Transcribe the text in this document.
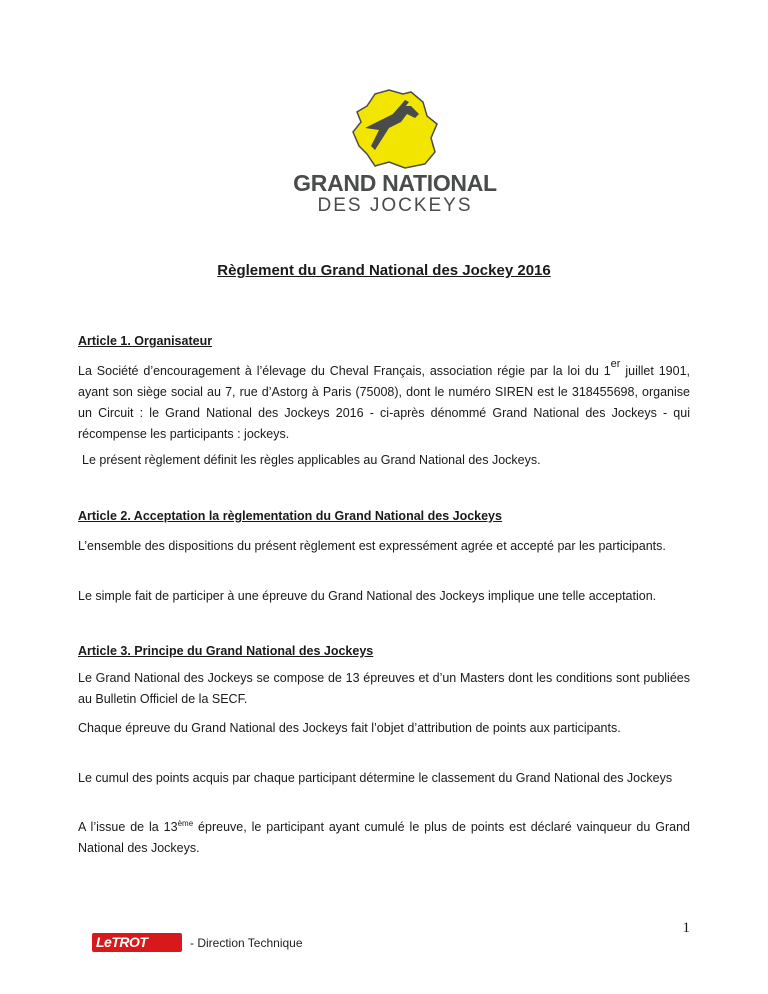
GRAND NATIONAL
DES JOCKEYS
Règlement du Grand National des Jockey 2016
Article 1. Organisateur
La Société d’encouragement à l’élevage du Cheval Français, association régie par la loi du 1er juillet 1901, ayant son siège social au 7, rue d’Astorg à Paris (75008), dont le numéro SIREN est le 318455698, organise un Circuit : le Grand National des Jockeys 2016 - ci-après dénommé Grand National des Jockeys - qui récompense les participants : jockeys.
Le présent règlement définit les règles applicables au Grand National des Jockeys.
Article 2. Acceptation la règlementation du Grand National des Jockeys
L’ensemble des dispositions du présent règlement est expressément agrée et accepté par les participants.
Le simple fait de participer à une épreuve du Grand National des Jockeys implique une telle acceptation.
Article 3. Principe du Grand National des Jockeys
Le Grand National des Jockeys se compose de 13 épreuves et d’un Masters dont les conditions sont publiées au Bulletin Officiel de la SECF.
Chaque épreuve du Grand National des Jockeys fait l’objet d’attribution de points aux participants.
Le cumul des points acquis par chaque participant détermine le classement du Grand National des Jockeys
A l’issue de la 13ème épreuve, le participant ayant cumulé le plus de points est déclaré vainqueur du Grand National des Jockeys.
1
LeTROT	- Direction Technique
